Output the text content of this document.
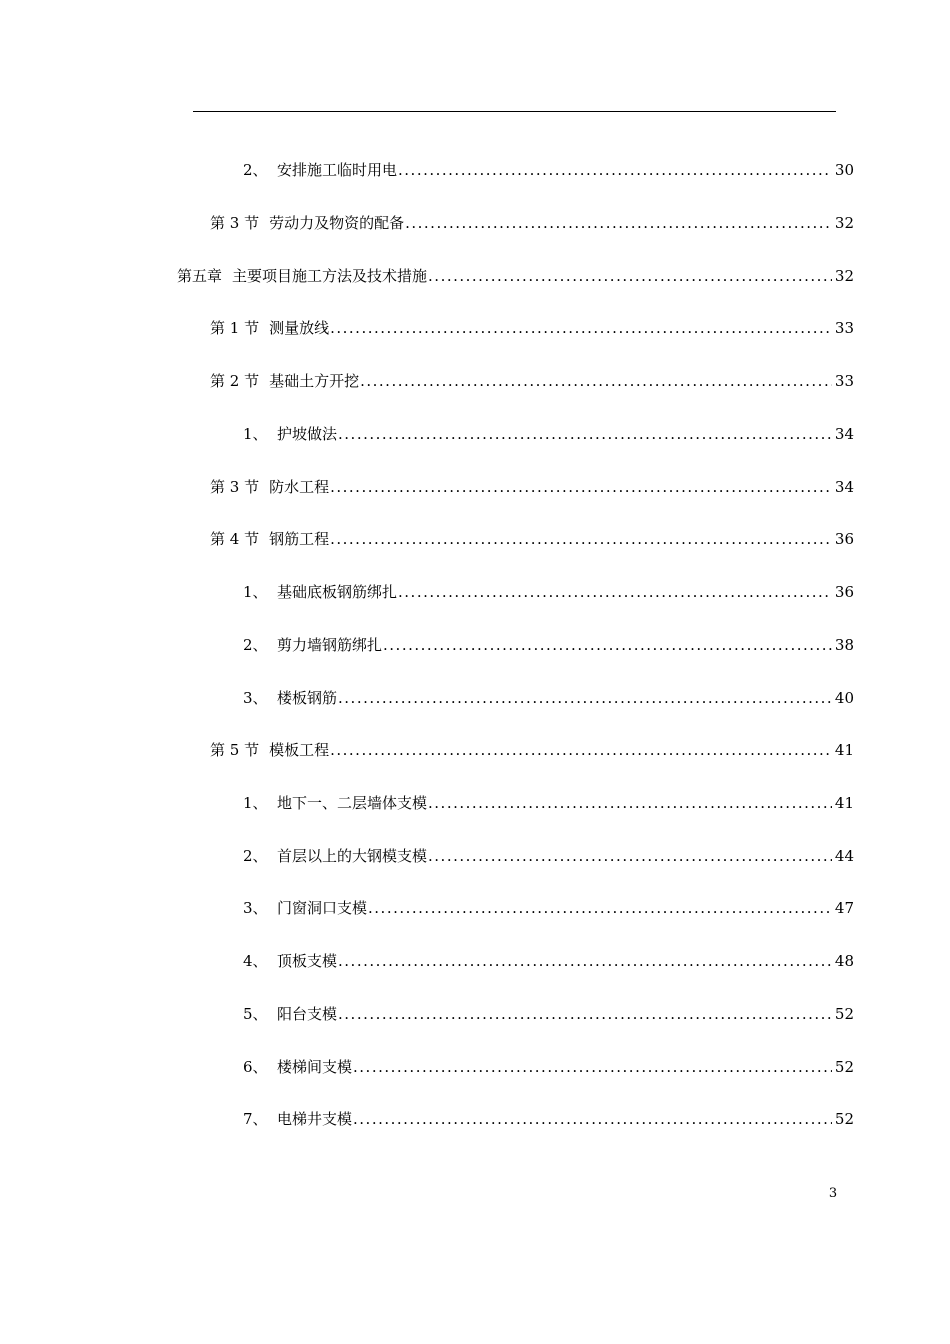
2、 安排施工临时用电 .....	30
第 3 节 劳动力及物资的配备 .....	32
第五章 主要项目施工方法及技术措施 .....	32
第 1 节 测量放线 .....	33
第 2 节 基础土方开挖 .....	33
1、 护坡做法 .....	34
第 3 节 防水工程 .....	34
第 4 节 钢筋工程 .....	36
1、 基础底板钢筋绑扎 .....	36
2、 剪力墙钢筋绑扎 .....	38
3、 楼板钢筋 .....	40
第 5 节 模板工程 .....	41
1、 地下一、二层墙体支模 .....	41
2、 首层以上的大钢模支模 .....	44
3、 门窗洞口支模 .....	47
4、 顶板支模 .....	48
5、 阳台支模 .....	52
6、 楼梯间支模 .....	52
7、 电梯井支模 .....	52
3
